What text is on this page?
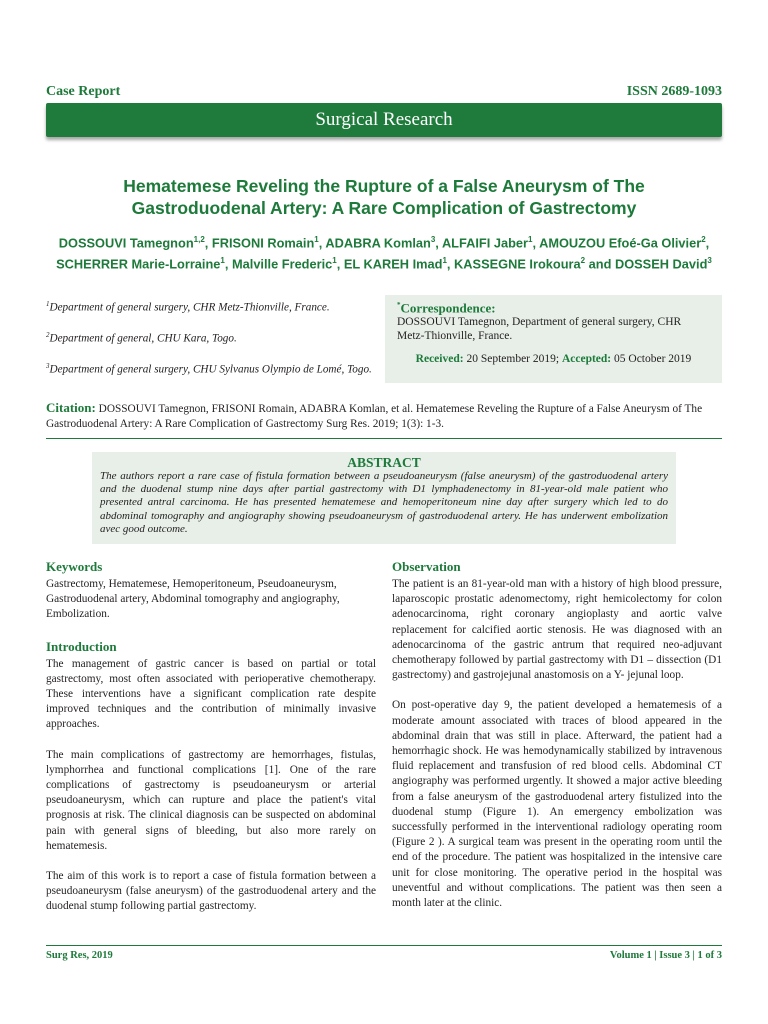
Case Report	ISSN 2689-1093
Surgical Research
Hematemese Reveling the Rupture of a False Aneurysm of The Gastroduodenal Artery: A Rare Complication of Gastrectomy
DOSSOUVI Tamegnon$^{1,2}$, FRISONI Romain$^1$, ADABRA Komlan$^3$, ALFAIFI Jaber$^1$, AMOUZOU Efoé-Ga Olivier$^2$, SCHERRER Marie-Lorraine$^1$, Malville Frederic$^1$, EL KAREH Imad$^1$, KASSEGNE Irokoura$^2$ and DOSSEH David$^3$

$^1$Department of general surgery, CHR Metz-Thionville, France.

$^2$Department of general, CHU Kara, Togo.

$^3$Department of general surgery, CHU Sylvanus Olympio de Lomé, Togo.

*Correspondence:
DOSSOUVI Tamegnon, Department of general surgery, CHR Metz-Thionville, France.
Received: 20 September 2019; Accepted: 05 October 2019
Citation: DOSSOUVI Tamegnon, FRISONI Romain, ADABRA Komlan, et al. Hematemese Reveling the Rupture of a False Aneurysm of The Gastroduodenal Artery: A Rare Complication of Gastrectomy Surg Res. 2019; 1(3): 1-3.
ABSTRACT
The authors report a rare case of fistula formation between a pseudoaneurysm (false aneurysm) of the gastroduodenal artery and the duodenal stump nine days after partial gastrectomy with D1 lymphadenectomy in 81-year-old male patient who presented antral carcinoma. He has presented hematemese and hemoperitoneum nine day after surgery which led to do abdominal tomography and angiography showing pseudoaneurysm of gastroduodenal artery. He has underwent embolization avec good outcome.
Keywords
Gastrectomy, Hematemese, Hemoperitoneum, Pseudoaneurysm, Gastroduodenal artery, Abdominal tomography and angiography, Embolization.
Introduction
The management of gastric cancer is based on partial or total gastrectomy, most often associated with perioperative chemotherapy. These interventions have a significant complication rate despite improved techniques and the contribution of minimally invasive approaches.
The main complications of gastrectomy are hemorrhages, fistulas, lymphorrhea and functional complications [1]. One of the rare complications of gastrectomy is pseudoaneurysm or arterial pseudoaneurysm, which can rupture and place the patient's vital prognosis at risk. The clinical diagnosis can be suspected on abdominal pain with general signs of bleeding, but also more rarely on hematemesis.
The aim of this work is to report a case of fistula formation between a pseudoaneurysm (false aneurysm) of the gastroduodenal artery and the duodenal stump following partial gastrectomy.
Observation
The patient is an 81-year-old man with a history of high blood pressure, laparoscopic prostatic adenomectomy, right hemicolectomy for colon adenocarcinoma, right coronary angioplasty and aortic valve replacement for calcified aortic stenosis. He was diagnosed with an adenocarcinoma of the gastric antrum that required neo-adjuvant chemotherapy followed by partial gastrectomy with D1 – dissection (D1 gastrectomy) and gastrojejunal anastomosis on a Y- jejunal loop.
On post-operative day 9, the patient developed a hematemesis of a moderate amount associated with traces of blood appeared in the abdominal drain that was still in place. Afterward, the patient had a hemorrhagic shock. He was hemodynamically stabilized by intravenous fluid replacement and transfusion of red blood cells. Abdominal CT angiography was performed urgently. It showed a major active bleeding from a false aneurysm of the gastroduodenal artery fistulized into the duodenal stump (Figure 1). An emergency embolization was successfully performed in the interventional radiology operating room (Figure 2 ). A surgical team was present in the operating room until the end of the procedure. The patient was hospitalized in the intensive care unit for close monitoring. The operative period in the hospital was uneventful and without complications. The patient was then seen a month later at the clinic.
Surg Res, 2019	Volume 1 | Issue 3 | 1 of 3
